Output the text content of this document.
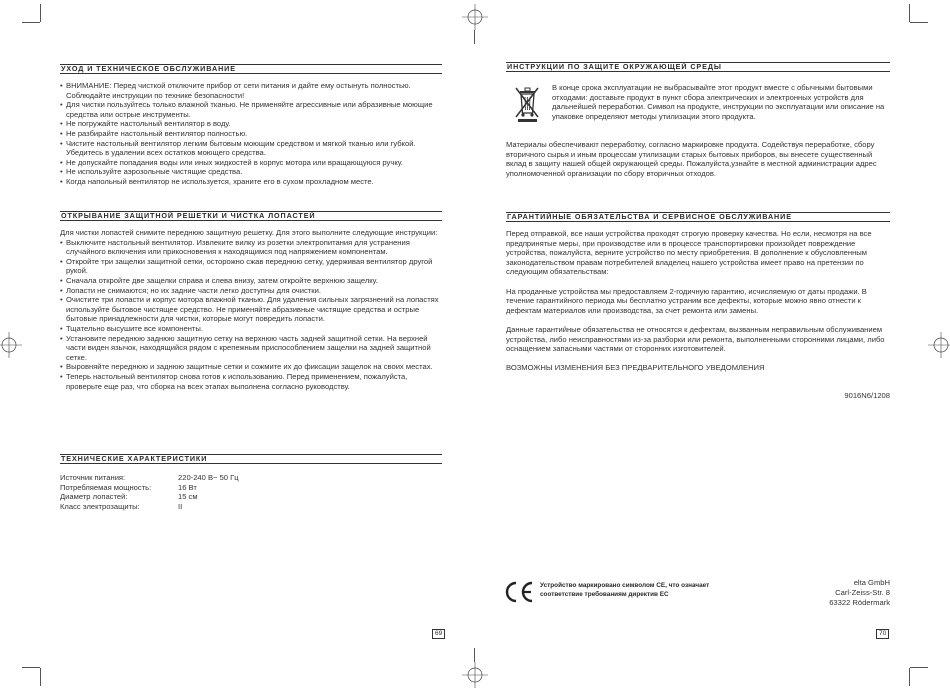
УХОД И ТЕХНИЧЕСКОЕ ОБСЛУЖИВАНИЕ
• ВНИМАНИЕ: Перед чисткой отключите прибор от сети питания и дайте ему остынуть полностью. Соблюдайте инструкции по технике безопасности!
• Для чистки пользуйтесь только влажной тканью. Не применяйте агрессивные или абразивные моющие средства или острые инструменты.
• Не погружайте настольный вентилятор в воду.
• Не разбирайте настольный вентилятор полностью.
• Чистите настольный вентилятор легким бытовым моющим средством и мягкой тканью или губкой. Убедитесь в удалении всех остатков моющего средства.
• Не допускайте попадания воды или иных жидкостей в корпус мотора или вращающуюся ручку.
• Не используйте аэрозольные чистящие средства.
• Когда напольный вентилятор не используется, храните его в сухом прохладном месте.
ОТКРЫВАНИЕ ЗАЩИТНОЙ РЕШЕТКИ И ЧИСТКА ЛОПАСТЕЙ

Для чистки лопастей снимите переднюю защитную решетку. Для этого выполните следующие инструкции:

• Выключите настольный вентилятор. Извлеките вилку из розетки электропитания для устранения случайного включения или прикосновения к находящимся под напряжением компонентам.
• Откройте три защелки защитной сетки, осторожно сжав переднюю сетку, удерживая вентилятор другой рукой.
• Сначала откройте две защелки справа и слева внизу, затем откройте верхнюю защелку.
• Лопасти не снимаются; но их задние части легко доступны для очистки.
• Очистите три лопасти и корпус мотора влажной тканью. Для удаления сильных загрязнений на лопастях используйте бытовое чистящее средство. Не применяйте абразивные чистящие средства и острые бытовые принадлежности для чистки, которые могут повредить лопасти.
• Тщательно высушите все компоненты.
• Установите переднюю заднюю защитную сетку на верхнюю часть задней защитной сетки. На верхней части виден язычок, находящийся рядом с крепежным приспособлением защелки на задней защитной сетке.
• Выровняйте переднюю и заднюю защитные сетки и сожмите их до фиксации защелок на своих местах.
• Теперь настольный вентилятор снова готов к использованию. Перед применением, пожалуйста, проверьте еще раз, что сборка на всех этапах выполнена согласно руководству.
ТЕХНИЧЕСКИЕ ХАРАКТЕРИСТИКИ
Источник питания:	220-240 В~ 50 Гц
Потребляемая мощность:	16 Вт
Диаметр лопастей:	15 см
Класс электрозащиты:	II
69
ИНСТРУКЦИИ ПО ЗАЩИТЕ ОКРУЖАЮЩЕЙ СРЕДЫ
В конце срока эксплуатации не выбрасывайте этот продукт вместе с обычными бытовыми отходами: доставьте продукт в пункт сбора электрических и электронных устройств для дальнейшей переработки. Символ на продукте, инструкции по эксплуатации или описание на упаковке определяют методы утилизации этого продукта.
Материалы обеспечивают переработку, согласно маркировке продукта. Содействуя переработке, сбору вторичного сырья и иным процессам утилизации старых бытовых приборов, вы внесете существенный вклад в защиту нашей общей окружающей среды. Пожалуйста,узнайте в местной администрации адрес уполномоченной организации по сбору вторичных отходов.
ГАРАНТИЙНЫЕ ОБЯЗАТЕЛЬСТВА И СЕРВИСНОЕ ОБСЛУЖИВАНИЕ

Перед отправкой, все наши устройства проходят строгую проверку качества. Но если, несмотря на все предпринятые меры, при производстве или в процессе транспортировки произойдет повреждение устройства, пожалуйста, верните устройство по месту приобретения. В дополнение к обусловленным законодательством правам потребителей владелец нашего устройства имеет право на претензии по следующим обязательствам:

На проданные устройства мы предоставляем 2-годичную гарантию, исчисляемую от даты продажи. В течение гарантийного периода мы бесплатно устраним все дефекты, которые можно явно отнести к дефектам материалов или производства, за счет ремонта или замены.

Данные гарантийные обязательства не относятся к дефектам, вызванным неправильным обслуживанием устройства, либо неисправностями из-за разборки или ремонта, выполненными сторонними лицами, либо оснащением запасными частями от сторонних изготовителей.

ВОЗМОЖНЫ ИЗМЕНЕНИЯ БЕЗ ПРЕДВАРИТЕЛЬНОГО УВЕДОМЛЕНИЯ

9016N6/1208
Устройство маркировано символом СЕ, что означает
соответствие требованиям директив ЕС
elta GmbH
Carl-Zeiss-Str. 8
63322 Rödermark
70
